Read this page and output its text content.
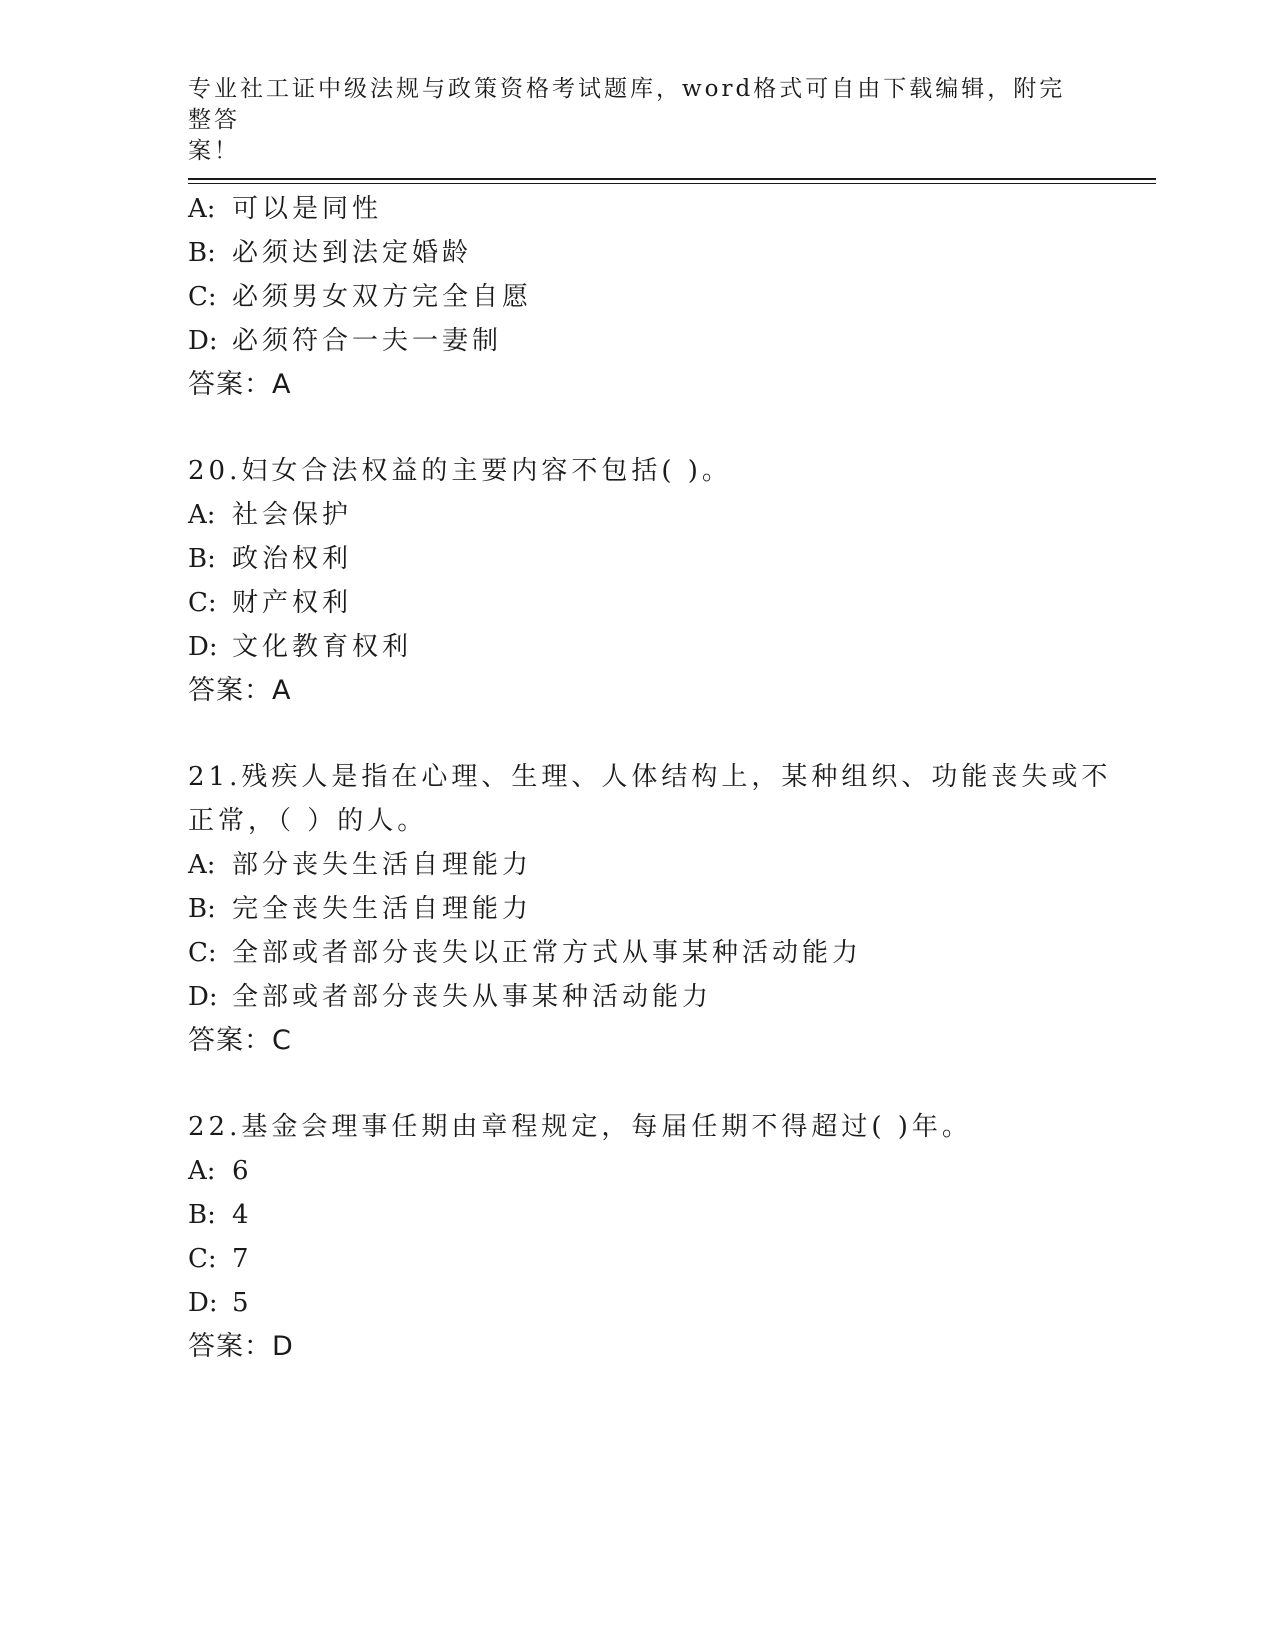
专业社工证中级法规与政策资格考试题库，word格式可自由下载编辑，附完整答
案！
A: 可以是同性
B: 必须达到法定婚龄
C: 必须男女双方完全自愿
D: 必须符合一夫一妻制
答案：A
20.妇女合法权益的主要内容不包括( )。
A: 社会保护
B: 政治权利
C: 财产权利
D: 文化教育权利
答案：A
21.残疾人是指在心理、生理、人体结构上，某种组织、功能丧失或不
正常，（ ）的人。
A: 部分丧失生活自理能力
B: 完全丧失生活自理能力
C: 全部或者部分丧失以正常方式从事某种活动能力
D: 全部或者部分丧失从事某种活动能力
答案：C
22.基金会理事任期由章程规定，每届任期不得超过( )年。
A: 6
B: 4
C: 7
D: 5
答案：D
